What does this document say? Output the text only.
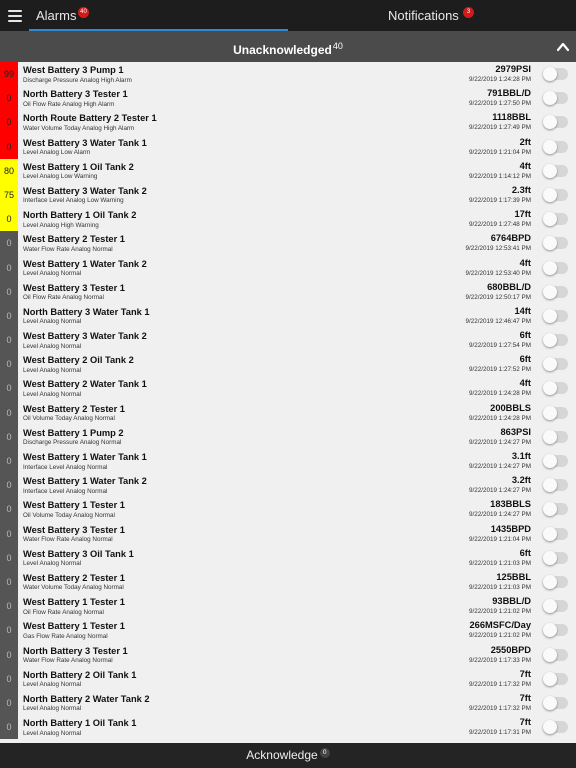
Alarms 40	Notifications	3
Unacknowledged$^{40}$
99 West Battery 3 Pump 1
Discharge Pressure Analog High Alarm
2979PSI
9/22/2019 1:24:28 PM
0	North Battery 3 Tester 1
Oil Flow Rate Analog High Alarm
791BBL/D
9/22/2019 1:27:50 PM
0	North Route Battery 2 Tester 1
Water Volume Today Analog High Alarm
1118BBL
9/22/2019 1:27:49 PM
0	West Battery 3 Water Tank 1
Level Analog Low Alarm
2ft
9/22/2019 1:21:04 PM
80 West Battery 1 Oil Tank 2
Level Analog Low Warning
4ft
9/22/2019 1:14:12 PM
75 West Battery 3 Water Tank 2
Interface Level Analog Low Warning
2.3ft
9/22/2019 1:17:39 PM
0	North Battery 1 Oil Tank 2
Level Analog High Warning
17ft
9/22/2019 1:27:48 PM
0	West Battery 2 Tester 1
Water Flow Rate Analog Normal
6764BPD
9/22/2019 12:53:41 PM
0	West Battery 1 Water Tank 2
Level Analog Normal
4ft
9/22/2019 12:53:40 PM
0	West Battery 3 Tester 1
Oil Flow Rate Analog Normal
680BBL/D
9/22/2019 12:50:17 PM
0	North Battery 3 Water Tank 1
Level Analog Normal
14ft
9/22/2019 12:46:47 PM
0	West Battery 3 Water Tank 2
Level Analog Normal
6ft
9/22/2019 1:27:54 PM
0	West Battery 2 Oil Tank 2
Level Analog Normal
6ft
9/22/2019 1:27:52 PM
0	West Battery 2 Water Tank 1
Level Analog Normal
4ft
9/22/2019 1:24:28 PM
0	West Battery 2 Tester 1
Oil Volume Today Analog Normal
200BBLS
9/22/2019 1:24:28 PM
0	West Battery 1 Pump 2
Discharge Pressure Analog Normal
863PSI
9/22/2019 1:24:27 PM
0	West Battery 1 Water Tank 1
Interface Level Analog Normal
3.1ft
9/22/2019 1:24:27 PM
0	West Battery 1 Water Tank 2
Interface Level Analog Normal
3.2ft
9/22/2019 1:24:27 PM
0	West Battery 1 Tester 1
Oil Volume Today Analog Normal
183BBLS
9/22/2019 1:24:27 PM
0	West Battery 3 Tester 1
Water Flow Rate Analog Normal
1435BPD
9/22/2019 1:21:04 PM
0	West Battery 3 Oil Tank 1
Level Analog Normal
6ft
9/22/2019 1:21:03 PM
0	West Battery 2 Tester 1
Water Volume Today Analog Normal
125BBL
9/22/2019 1:21:03 PM
0	West Battery 1 Tester 1
Oil Flow Rate Analog Normal
93BBL/D
9/22/2019 1:21:02 PM
0	West Battery 1 Tester 1
Gas Flow Rate Analog Normal
266MSFC/Day
9/22/2019 1:21:02 PM
0	North Battery 3 Tester 1
Water Flow Rate Analog Normal
2550BPD
9/22/2019 1:17:33 PM
0	North Battery 2 Oil Tank 1
Level Analog Normal
7ft
9/22/2019 1:17:32 PM
0	North Battery 2 Water Tank 2
Level Analog Normal
7ft
9/22/2019 1:17:32 PM
0	North Battery 1 Oil Tank 1
Level Analog Normal
7ft
9/22/2019 1:17:31 PM
Acknowledge 0
